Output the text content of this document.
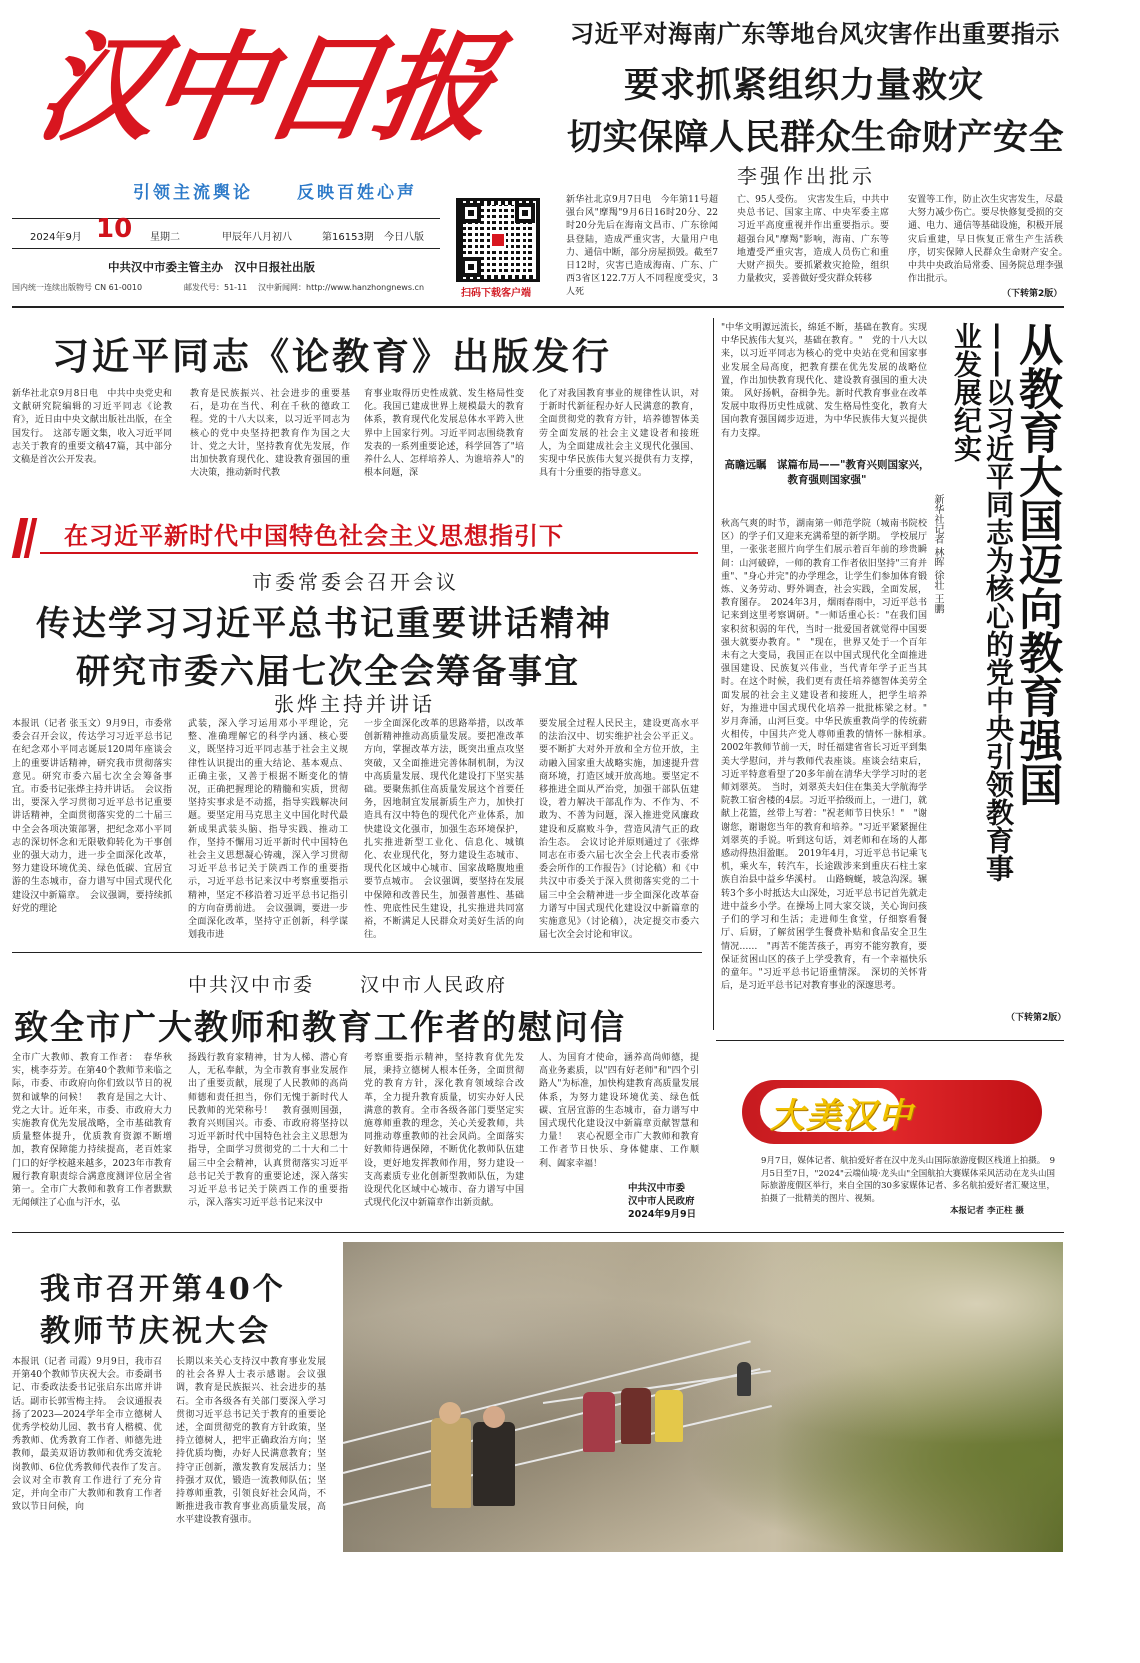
汉中日报
引领主流舆论	反映百姓心声
2024年9月 10 星期二	甲辰年八月初八	第16153期 今日八版
中共汉中市委主管主办　汉中日报社出版
国内统一连续出版物号 CN 61-0010	邮发代号：51-11 汉中新闻网：http://www.hanzhongnews.cn
扫码下载客户端
习近平对海南广东等地台风灾害作出重要指示
要求抓紧组织力量救灾
切实保障人民群众生命财产安全
李强作出批示
新华社北京9月7日电　今年第11号超强台风"摩羯"9月6日16时20分、22时20分先后在海南文昌市、广东徐闻县登陆，造成严重灾害，大量用户电力、通信中断，部分房屋损毁。截至7日12时，灾害已造成海南、广东、广西3省区122.7万人不同程度受灾，3人死
亡、95人受伤。　灾害发生后，中共中央总书记、国家主席、中央军委主席习近平高度重视并作出重要指示。要超强台风"摩羯"影响，海南、广东等地遭受严重灾害，造成人员伤亡和重大财产损失。要抓紧救灾抢险，组织力量救灾，妥善做好受灾群众转移
安置等工作，防止次生灾害发生，尽最大努力减少伤亡。要尽快修复受损的交通、电力、通信等基础设施，积极开展灾后重建，早日恢复正常生产生活秩序，切实保障人民群众生命财产安全。　中共中央政治局常委、国务院总理李强作出批示。
（下转第2版）
习近平同志《论教育》出版发行
新华社北京9月8日电　中共中央党史和文献研究院编辑的习近平同志《论教育》，近日由中央文献出版社出版，在全国发行。　这部专题文集，收入习近平同志关于教育的重要文稿47篇，其中部分文稿是首次公开发表。
教育是民族振兴、社会进步的重要基石，是功在当代、利在千秋的德政工程。党的十八大以来，以习近平同志为核心的党中央坚持把教育作为国之大计、党之大计，坚持教育优先发展，作出加快教育现代化、建设教育强国的重大决策，推动新时代教
育事业取得历史性成就、发生格局性变化。我国已建成世界上规模最大的教育体系，教育现代化发展总体水平跨入世界中上国家行列。习近平同志围绕教育发表的一系列重要论述，科学回答了"培养什么人、怎样培养人、为谁培养人"的根本问题，深
化了对我国教育事业的规律性认识，对于新时代新征程办好人民满意的教育，全面贯彻党的教育方针，培养德智体美劳全面发展的社会主义建设者和接班人，为全面建成社会主义现代化强国、实现中华民族伟大复兴提供有力支撑，具有十分重要的指导意义。
在习近平新时代中国特色社会主义思想指引下
市委常委会召开会议
传达学习习近平总书记重要讲话精神
研究市委六届七次全会筹备事宜
张烨主持并讲话
本报讯（记者 张玉文）9月9日，市委常委会召开会议，传达学习习近平总书记在纪念邓小平同志诞辰120周年座谈会上的重要讲话精神，研究我市贯彻落实意见。研究市委六届七次全会筹备事宜。市委书记张烨主持并讲话。　会议指出，要深入学习贯彻习近平总书记重要讲话精神，全面贯彻落实党的二十届三中全会各项决策部署，把纪念邓小平同志的深切怀念和无限敬仰转化为干事创业的强大动力，进一步全面深化改革，努力建设环境优美、绿色低碳、宜居宜游的生态城市，奋力谱写中国式现代化建设汉中新篇章。　会议强调，要持续抓好党的理论
武装，深入学习运用邓小平理论，完整、准确理解它的科学内涵、核心要义，既坚持习近平同志基于社会主义规律性认识提出的重大结论、基本观点、正确主张，又善于根据不断变化的情况，正确把握理论的精髓和实质，贯彻坚持实事求是不动摇，指导实践解决问题。要坚定用马克思主义中国化时代最新成果武装头脑、指导实践、推动工作，坚持不懈用习近平新时代中国特色社会主义思想凝心铸魂，深入学习贯彻习近平总书记关于陕西工作的重要指示，习近平总书记来汉中考察重要指示精神，坚定不移沿着习近平总书记指引的方向奋勇前进。　会议强调，要进一步全面深化改革，坚持守正创新，科学谋划我市进
一步全面深化改革的思路举措，以改革创新精神推动高质量发展。要把准改革方向，掌握改革方法，既突出重点攻坚突破，又全面推进完善体制机制，为汉中高质量发展、现代化建设打下坚实基础。要聚焦抓住高质量发展这个首要任务，因地制宜发展新质生产力，加快打造具有汉中特色的现代化产业体系，加快建设文化强市，加强生态环境保护，扎实推进新型工业化、信息化、城镇化、农业现代化，努力建设生态城市、现代化区域中心城市、国家战略腹地重要节点城市。　会议强调，要坚持在发展中保障和改善民生，加强普惠性、基础性、兜底性民生建设，扎实推进共同富裕，不断满足人民群众对美好生活的向往。
要发展全过程人民民主，建设更高水平的法治汉中、切实维护社会公平正义。要不断扩大对外开放和全方位开放，主动融入国家重大战略实施，加速提升营商环境，打造区域开放高地。要坚定不移推进全面从严治党，加强干部队伍建设，着力解决干部乱作为、不作为、不敢为、不善为问题，深入推进党风廉政建设和反腐败斗争，营造风清气正的政治生态。　会议讨论并原则通过了《张烨同志在市委六届七次全会上代表市委常委会所作的工作报告》（讨论稿）和《中共汉中市委关于深入贯彻落实党的二十届三中全会精神进一步全面深化改革奋力谱写中国式现代化建设汉中新篇章的实施意见》（讨论稿），决定提交市委六届七次全会讨论和审议。
中共汉中市委 汉中市人民政府
致全市广大教师和教育工作者的慰问信
全市广大教师、教育工作者：　春华秋实，桃李芬芳。在第40个教师节来临之际，市委、市政府向你们致以节日的祝贺和诚挚的问候！　教育是国之大计、党之大计。近年来，市委、市政府大力实施教育优先发展战略，全市基础教育质量整体提升，优质教育资源不断增加，教育保障能力持续提高，老百姓家门口的好学校越来越多，2023年市教育履行教育职责综合满意度测评位居全省第一。全市广大教师和教育工作者默默无闻倾注了心血与汗水，弘
扬践行教育家精神，甘为人梯、潜心育人，无私奉献，为全市教育事业发展作出了重要贡献，展现了人民教师的高尚师德和责任担当，你们无愧于新时代人民教师的光荣称号！　教育强则国强，教育兴则国兴。市委、市政府将坚持以习近平新时代中国特色社会主义思想为指导，全面学习贯彻党的二十大和二十届三中全会精神，认真贯彻落实习近平总书记关于教育的重要论述，深入落实习近平总书记关于陕西工作的重要指示，深入落实习近平总书记来汉中
考察重要指示精神，坚持教育优先发展，秉持立德树人根本任务，全面贯彻党的教育方针，深化教育领域综合改革，全力提升教育质量，切实办好人民满意的教育。全市各级各部门要坚定实施尊师重教的理念，关心关爱教师，共同推动尊重教师的社会风尚。全面落实好教师待遇保障，不断优化教师队伍建设，更好地发挥教师作用，努力建设一支高素质专业化创新型教师队伍，为建设现代化区域中心城市、奋力谱写中国式现代化汉中新篇章作出新贡献。
人、为国育才使命，涵养高尚师德，提高业务素质，以"四有好老师"和"四个引路人"为标准，加快构建教育高质量发展体系，为努力建设环境优美、绿色低碳、宜居宜游的生态城市，奋力谱写中国式现代化建设汉中新篇章贡献智慧和力量！　衷心祝愿全市广大教师和教育工作者节日快乐、身体健康、工作顺利、阖家幸福！
中共汉中市委
汉中市人民政府
2024年9月9日
"中华文明源远流长，绵延不断，基础在教育。实现中华民族伟大复兴，基础在教育。"　党的十八大以来，以习近平同志为核心的党中央站在党和国家事业发展全局高度，把教育摆在优先发展的战略位置，作出加快教育现代化、建设教育强国的重大决策。　风好扬帆，奋楫争先。新时代教育事业在改革发展中取得历史性成就、发生格局性变化，教育大国向教育强国阔步迈进，为中华民族伟大复兴提供有力支撑。
高瞻远瞩　谋篇布局——"教育兴则国家兴，教育强则国家强"
秋高气爽的时节，湖南第一师范学院（城南书院校区）的学子们又迎来充满希望的新学期。　学校展厅里，一张张老照片向学生们展示着百年前的珍贵瞬间：山河破碎，一师的教育工作者依旧坚持"三育并重"、"身心并完"的办学理念，让学生们参加体育锻炼、义务劳动、野外调查，社会实践，全面发展，教育图存。　2024年3月，烟雨春雨中，习近平总书记来到这里考察调研。"一师话重心长："在我们国家积贫积弱的年代，当时一批爱国者就觉得中国要强大就要办教育。"　"现在，世界又处于一个百年未有之大变局，我国正在以中国式现代化全面推进强国建设、民族复兴伟业，当代青年学子正当其时。在这个时候，我们更有责任培养德智体美劳全面发展的社会主义建设者和接班人，把学生培养好，为推进中国式现代化培养一批批栋梁之材。"　岁月奔涌，山河巨变。中华民族重教尚学的传统薪火相传，中国共产党人尊师重教的情怀一脉相承。　2002年教师节前一天，时任福建省省长习近平到集美大学慰问，并与教师代表座谈。座谈会结束后，习近平特意看望了20多年前在清华大学学习时的老师刘翠英。　当时，刘翠英夫妇住在集美大学航海学院教工宿舍楼的4层。习近平拾级而上，一进门，就献上花篮，丝带上写着："祝老师节日快乐！"　"谢谢您，谢谢您当年的教育和培养。"习近平紧紧握住刘翠英的手说。听到这句话，刘老师和在场的人都感动得热泪盈眶。　2019年4月，习近平总书记乘飞机，乘火车，转汽车，长途跋涉来到重庆石柱土家族自治县中益乡华溪村。　山路蜿蜒，坡急沟深。辗转3个多小时抵达大山深处，习近平总书记首先就走进中益乡小学。在操场上同大家交谈，关心询问孩子们的学习和生活；走进师生食堂，仔细察看餐厅、后厨，了解贫困学生餐费补贴和食品安全卫生情况……　"再苦不能苦孩子，再穷不能穷教育，要保证贫困山区的孩子上学受教育，有一个幸福快乐的童年。"习近平总书记语重情深。　深切的关怀背后，是习近平总书记对教育事业的深邃思考。
（下转第2版）
从教育大国迈向教育强国
——以习近平同志为核心的党中央引领教育事业发展纪实
新华社记者 林晖 徐壮 王鹏
大美汉中
9月7日，媒体记者、航拍爱好者在汉中龙头山国际旅游度假区栈道上拍摄。　9月5日至7日，"2024"云端仙境·龙头山"全国航拍大赛媒体采风活动在龙头山国际旅游度假区举行，来自全国的30多家媒体记者、多名航拍爱好者汇聚这里，拍摄了一批精美的图片、视频。
本报记者 李正柱 摄
我市召开第40个
教师节庆祝大会
本报讯（记者 司霞）9月9日，我市召开第40个教师节庆祝大会。市委副书记、市委政法委书记张启东出席并讲话。副市长郭雪梅主持。　会议通报表扬了2023—2024学年全市立德树人优秀学校幼儿园、教书育人楷模、优秀教师、优秀教育工作者、师德先进教师，最美双语访教师和优秀交流轮岗教师、6位优秀教师代表作了发言。　会议对全市教育工作进行了充分肯定，并向全市广大教师和教育工作者致以节日问候，向
长期以来关心支持汉中教育事业发展的社会各界人士表示感谢。会议强调，教育是民族振兴、社会进步的基石。全市各级各有关部门要深入学习贯彻习近平总书记关于教育的重要论述，全面贯彻党的教育方针政策，坚持立德树人，把牢正确政治方向；坚持优质均衡，办好人民满意教育；坚持守正创新，激发教育发展活力；坚持强才双优，锻造一流教师队伍；坚持尊师重教，引领良好社会风尚，不断推进我市教育事业高质量发展，高水平建设教育强市。
